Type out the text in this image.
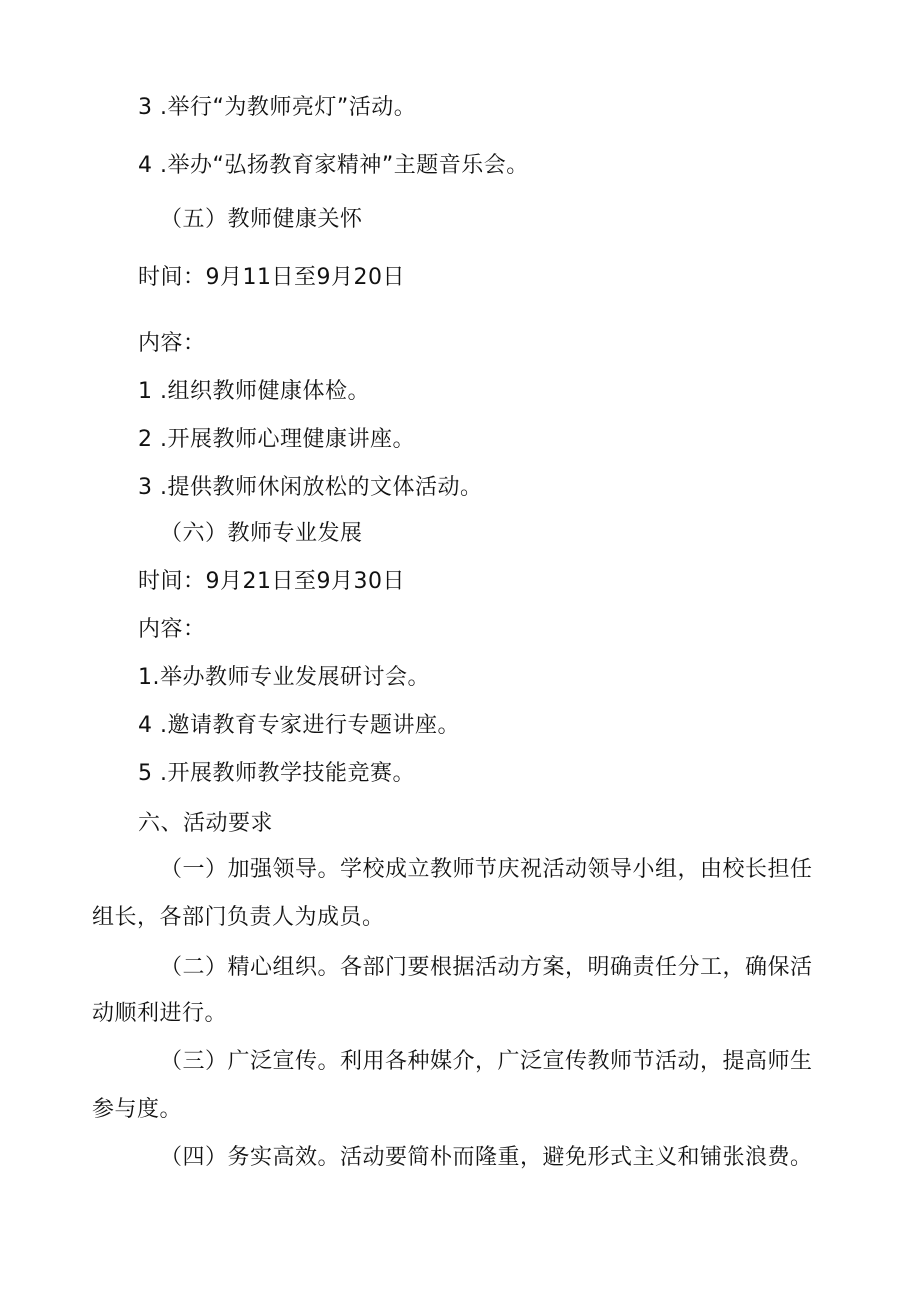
3 .举行“为教师亮灯”活动。
4 .举办“弘扬教育家精神”主题音乐会。
（五）教师健康关怀
时间：9月11日至9月20日
内容：
1 .组织教师健康体检。
2 .开展教师心理健康讲座。
3 .提供教师休闲放松的文体活动。
（六）教师专业发展
时间：9月21日至9月30日
内容：
1.举办教师专业发展研讨会。
4 .邀请教育专家进行专题讲座。
5 .开展教师教学技能竞赛。
六、活动要求
（一）加强领导。学校成立教师节庆祝活动领导小组，由校长担任
组长，各部门负责人为成员。
（二）精心组织。各部门要根据活动方案，明确责任分工，确保活
动顺利进行。
（三）广泛宣传。利用各种媒介，广泛宣传教师节活动，提高师生
参与度。
（四）务实高效。活动要简朴而隆重，避免形式主义和铺张浪费。
